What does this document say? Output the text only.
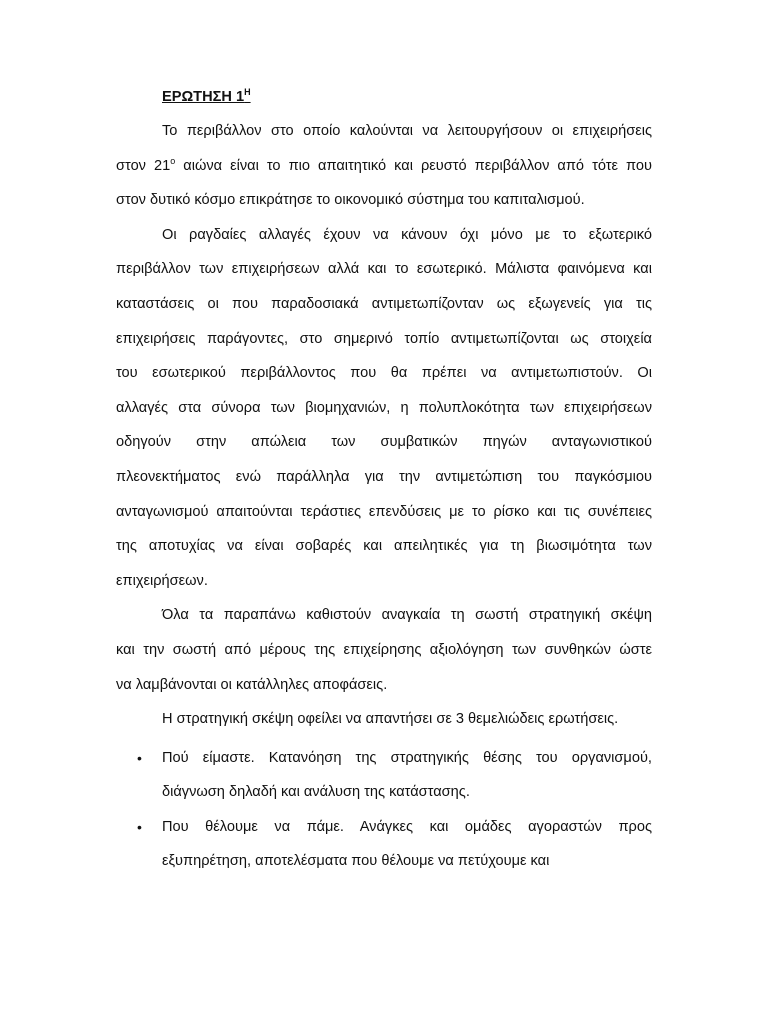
ΕΡΩΤΗΣΗ $1^H$
Το περιβάλλον στο οποίο καλούνται να λειτουργήσουν οι επιχειρήσεις
στον $21^o$ αιώνα είναι το πιο απαιτητικό και ρευστό περιβάλλον από τότε που
στον δυτικό κόσμο επικράτησε το οικονομικό σύστημα του καπιταλισμού.
Οι ραγδαίες αλλαγές έχουν να κάνουν όχι μόνο με το εξωτερικό
περιβάλλον των επιχειρήσεων αλλά και το εσωτερικό. Μάλιστα φαινόμενα και
καταστάσεις οι που παραδοσιακά αντιμετωπίζονταν ως εξωγενείς για τις
επιχειρήσεις παράγοντες, στο σημερινό τοπίο αντιμετωπίζονται ως στοιχεία
του εσωτερικού περιβάλλοντος που θα πρέπει να αντιμετωπιστούν. Οι
αλλαγές στα σύνορα των βιομηχανιών, η πολυπλοκότητα των επιχειρήσεων
οδηγούν στην απώλεια των συμβατικών πηγών ανταγωνιστικού
πλεονεκτήματος ενώ παράλληλα για την αντιμετώπιση του παγκόσμιου
ανταγωνισμού απαιτούνται τεράστιες επενδύσεις με το ρίσκο και τις συνέπειες
της αποτυχίας να είναι σοβαρές και απειλητικές για τη βιωσιμότητα των
επιχειρήσεων.
Όλα τα παραπάνω καθιστούν αναγκαία τη σωστή στρατηγική σκέψη
και την σωστή από μέρους της επιχείρησης αξιολόγηση των συνθηκών ώστε
να λαμβάνονται οι κατάλληλες αποφάσεις.
Η στρατηγική σκέψη οφείλει να απαντήσει σε 3 θεμελιώδεις ερωτήσεις.
• Πού είμαστε. Κατανόηση της στρατηγικής θέσης του οργανισμού,
διάγνωση δηλαδή και ανάλυση της κατάστασης.
• Που θέλουμε να πάμε. Ανάγκες και ομάδες αγοραστών προς
εξυπηρέτηση, αποτελέσματα που θέλουμε να πετύχουμε και
